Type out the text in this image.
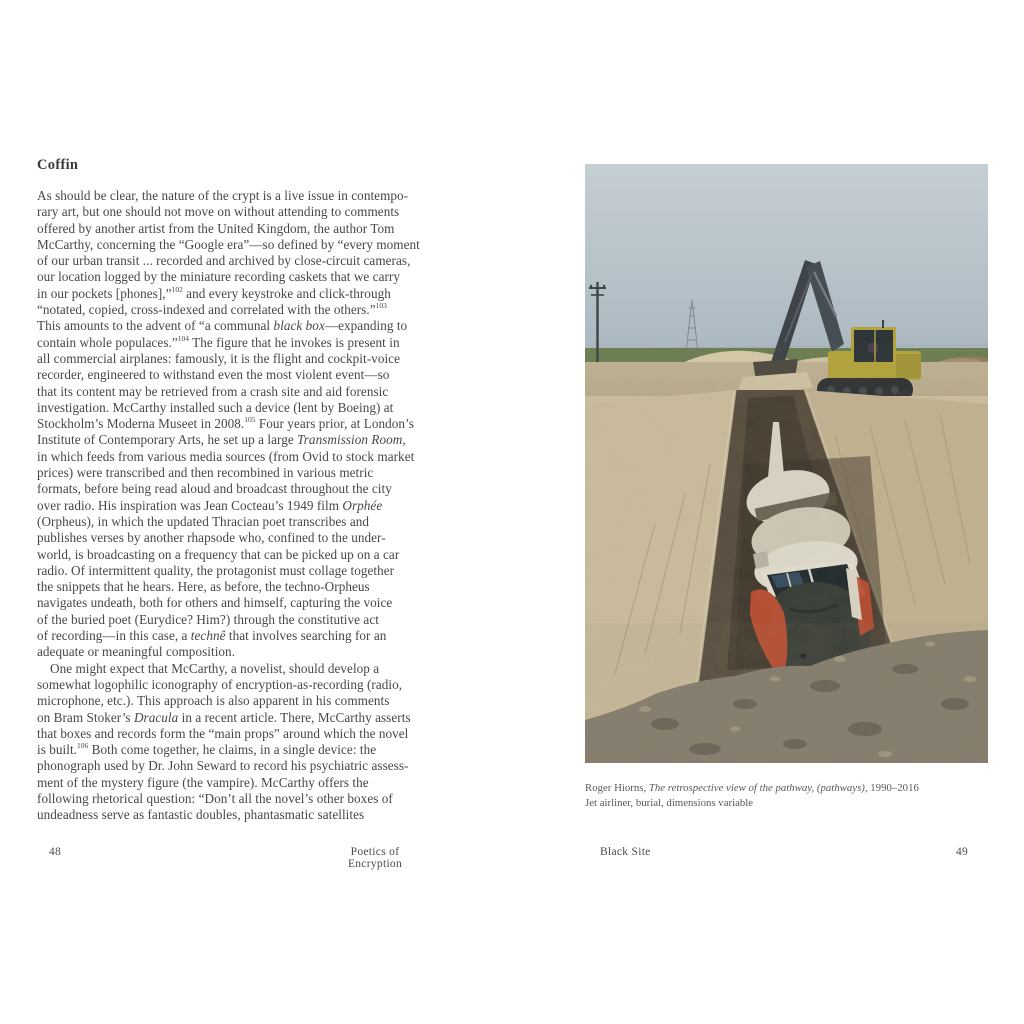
Coffin
As should be clear, the nature of the crypt is a live issue in contempo-
rary art, but one should not move on without attending to comments
offered by another artist from the United Kingdom, the author Tom
McCarthy, concerning the “Google era”—so defined by “every moment
of our urban transit ... recorded and archived by close-circuit cameras,
our location logged by the miniature recording caskets that we carry
in our pockets [phones],”$^{102}$ and every keystroke and click-through
“notated, copied, cross-indexed and correlated with the others.”$^{103}$
This amounts to the advent of “a communal black box—expanding to
contain whole populaces.”$^{104}$ The figure that he invokes is present in
all commercial airplanes: famously, it is the flight and cockpit-voice
recorder, engineered to withstand even the most violent event—so
that its content may be retrieved from a crash site and aid forensic
investigation. McCarthy installed such a device (lent by Boeing) at
Stockholm’s Moderna Museet in 2008.$^{105}$ Four years prior, at London’s
Institute of Contemporary Arts, he set up a large Transmission Room,
in which feeds from various media sources (from Ovid to stock market
prices) were transcribed and then recombined in various metric
formats, before being read aloud and broadcast throughout the city
over radio. His inspiration was Jean Cocteau’s 1949 film Orphée
(Orpheus), in which the updated Thracian poet transcribes and
publishes verses by another rhapsode who, confined to the under-
world, is broadcasting on a frequency that can be picked up on a car
radio. Of intermittent quality, the protagonist must collage together
the snippets that he hears. Here, as before, the techno-Orpheus
navigates undeath, both for others and himself, capturing the voice
of the buried poet (Eurydice? Him?) through the constitutive act
of recording—in this case, a technê that involves searching for an
adequate or meaningful composition.
One might expect that McCarthy, a novelist, should develop a
somewhat logophilic iconography of encryption-as-recording (radio,
microphone, etc.). This approach is also apparent in his comments
on Bram Stoker’s Dracula in a recent article. There, McCarthy asserts
that boxes and records form the “main props” around which the novel
is built.$^{106}$ Both come together, he claims, in a single device: the
phonograph used by Dr. John Seward to record his psychiatric assess-
ment of the mystery figure (the vampire). McCarthy offers the
following rhetorical question: “Don’t all the novel’s other boxes of
undeadness serve as fantastic doubles, phantasmatic satellites
48	Poetics of Encryption
Roger Hiorns, The retrospective view of the pathway, (pathways), 1990–2016
Jet airliner, burial, dimensions variable
Black Site	49
